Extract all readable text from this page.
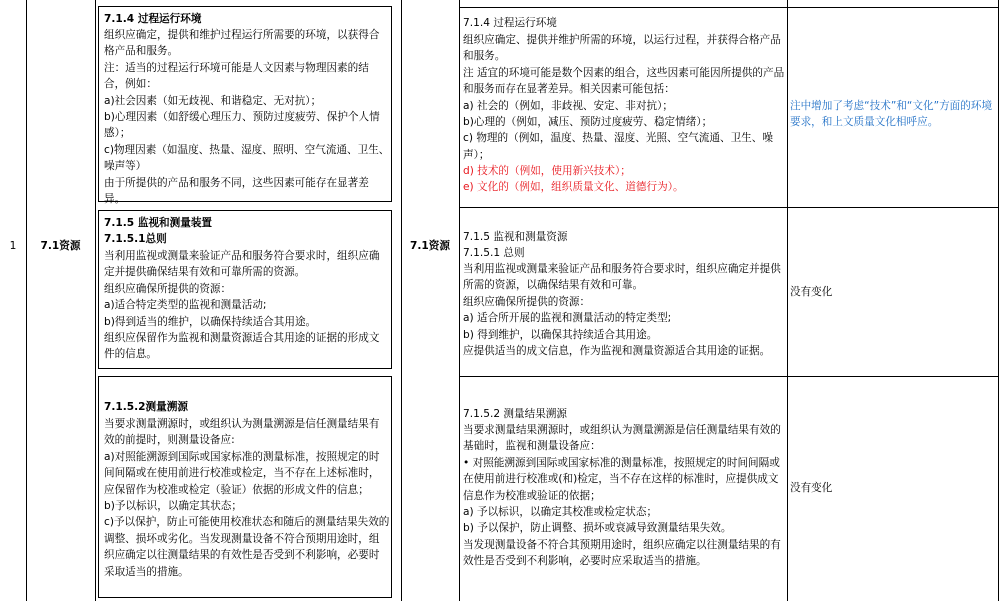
1	7.1资源	7.1资源
7.1.4 过程运行环境
组织应确定，提供和维护过程运行所需要的环境，以获得合格产品和服务。
注：适当的过程运行环境可能是人文因素与物理因素的结合，例如：
a)社会因素（如无歧视、和谐稳定、无对抗）；
b)心理因素（如舒缓心理压力、预防过度疲劳、保护个人情感）；
c)物理因素（如温度、热量、湿度、照明、空气流通、卫生、噪声等）
由于所提供的产品和服务不同，这些因素可能存在显著差异。
7.1.5 监视和测量装置
7.1.5.1总则
当利用监视或测量来验证产品和服务符合要求时，组织应确定并提供确保结果有效和可靠所需的资源。
组织应确保所提供的资源：
a)适合特定类型的监视和测量活动;
b)得到适当的维护，以确保持续适合其用途。
组织应保留作为监视和测量资源适合其用途的证据的形成文件的信息。
7.1.5.2测量溯源
当要求测量溯源时，或组织认为测量溯源是信任测量结果有效的前提时，则测量设备应:
a)对照能溯源到国际或国家标准的测量标准，按照规定的时间间隔或在使用前进行校准或检定，当不存在上述标准时，应保留作为校准或检定（验证）依据的形成文件的信息；
b)予以标识，以确定其状态；
c)予以保护，防止可能使用校准状态和随后的测量结果失效的调整、损坏或劣化。当发现测量设备不符合预期用途时，组织应确定以往测量结果的有效性是否受到不利影响，必要时采取适当的措施。
7.1.4 过程运行环境
组织应确定、提供并维护所需的环境，以运行过程，并获得合格产品和服务。
注 适宜的环境可能是数个因素的组合，这些因素可能因所提供的产品和服务而存在显著差异。相关因素可能包括：
a) 社会的（例如，非歧视、安定、非对抗）；
b)心理的（例如，减压、预防过度疲劳、稳定情绪）；
c) 物理的（例如，温度、热量、湿度、光照、空气流通、卫生、噪声）；
d) 技术的（例如，使用新兴技术）；
e) 文化的（例如，组织质量文化、道德行为）。
7.1.5 监视和测量资源
7.1.5.1 总则
当利用监视或测量来验证产品和服务符合要求时，组织应确定并提供所需的资源，以确保结果有效和可靠。
组织应确保所提供的资源：
a) 适合所开展的监视和测量活动的特定类型;
b) 得到维护，以确保其持续适合其用途。
应提供适当的成文信息，作为监视和测量资源适合其用途的证据。
7.1.5.2 测量结果溯源
当要求测量结果溯源时，或组织认为测量溯源是信任测量结果有效的基础时，监视和测量设备应：
• 对照能溯源到国际或国家标准的测量标准，按照规定的时间间隔或在使用前进行校准或(和)检定，当不存在这样的标准时，应提供成文信息作为校准或验证的依据；
a) 予以标识，以确定其校准或检定状态；
b) 予以保护，防止调整、损坏或衰减导致测量结果失效。
当发现测量设备不符合其预期用途时，组织应确定以往测量结果的有效性是否受到不利影响，必要时应采取适当的措施。
注中增加了考虑“技术”和“文化”方面的环境要求，和上文质量文化相呼应。
没有变化
没有变化
